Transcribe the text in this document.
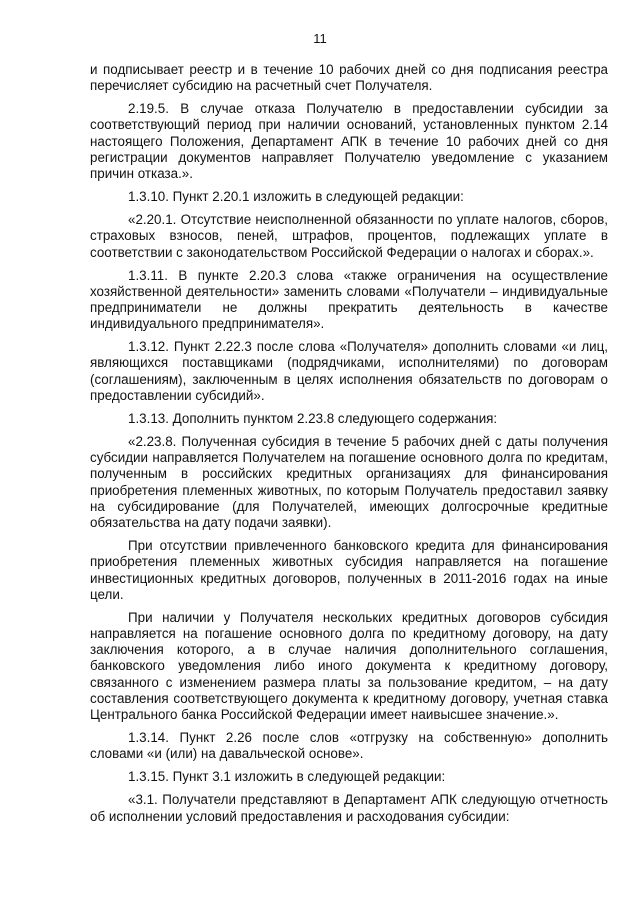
11

и подписывает реестр и в течение 10 рабочих дней со дня подписания реестра перечисляет субсидию на расчетный счет Получателя.

2.19.5. В случае отказа Получателю в предоставлении субсидии за соответствующий период при наличии оснований, установленных пунктом 2.14 настоящего Положения, Департамент АПК в течение 10 рабочих дней со дня регистрации документов направляет Получателю уведомление с указанием причин отказа.».

1.3.10. Пункт 2.20.1 изложить в следующей редакции:

«2.20.1. Отсутствие неисполненной обязанности по уплате налогов, сборов, страховых взносов, пеней, штрафов, процентов, подлежащих уплате в соответствии с законодательством Российской Федерации о налогах и сборах.».

1.3.11. В пункте 2.20.3 слова «также ограничения на осуществление хозяйственной деятельности» заменить словами «Получатели – индивидуальные предприниматели не должны прекратить деятельность в качестве индивидуального предпринимателя».

1.3.12. Пункт 2.22.3 после слова «Получателя» дополнить словами «и лиц, являющихся поставщиками (подрядчиками, исполнителями) по договорам (соглашениям), заключенным в целях исполнения обязательств по договорам о предоставлении субсидий».

1.3.13. Дополнить пунктом 2.23.8 следующего содержания:

«2.23.8. Полученная субсидия в течение 5 рабочих дней с даты получения субсидии направляется Получателем на погашение основного долга по кредитам, полученным в российских кредитных организациях для финансирования приобретения племенных животных, по которым Получатель предоставил заявку на субсидирование (для Получателей, имеющих долгосрочные кредитные обязательства на дату подачи заявки).

При отсутствии привлеченного банковского кредита для финансирования приобретения племенных животных субсидия направляется на погашение инвестиционных кредитных договоров, полученных в 2011-2016 годах на иные цели.

При наличии у Получателя нескольких кредитных договоров субсидия направляется на погашение основного долга по кредитному договору, на дату заключения которого, а в случае наличия дополнительного соглашения, банковского уведомления либо иного документа к кредитному договору, связанного с изменением размера платы за пользование кредитом, – на дату составления соответствующего документа к кредитному договору, учетная ставка Центрального банка Российской Федерации имеет наивысшее значение.».

1.3.14. Пункт 2.26 после слов «отгрузку на собственную» дополнить словами «и (или) на давальческой основе».

1.3.15. Пункт 3.1 изложить в следующей редакции:

«3.1. Получатели представляют в Департамент АПК следующую отчетность об исполнении условий предоставления и расходования субсидии:
